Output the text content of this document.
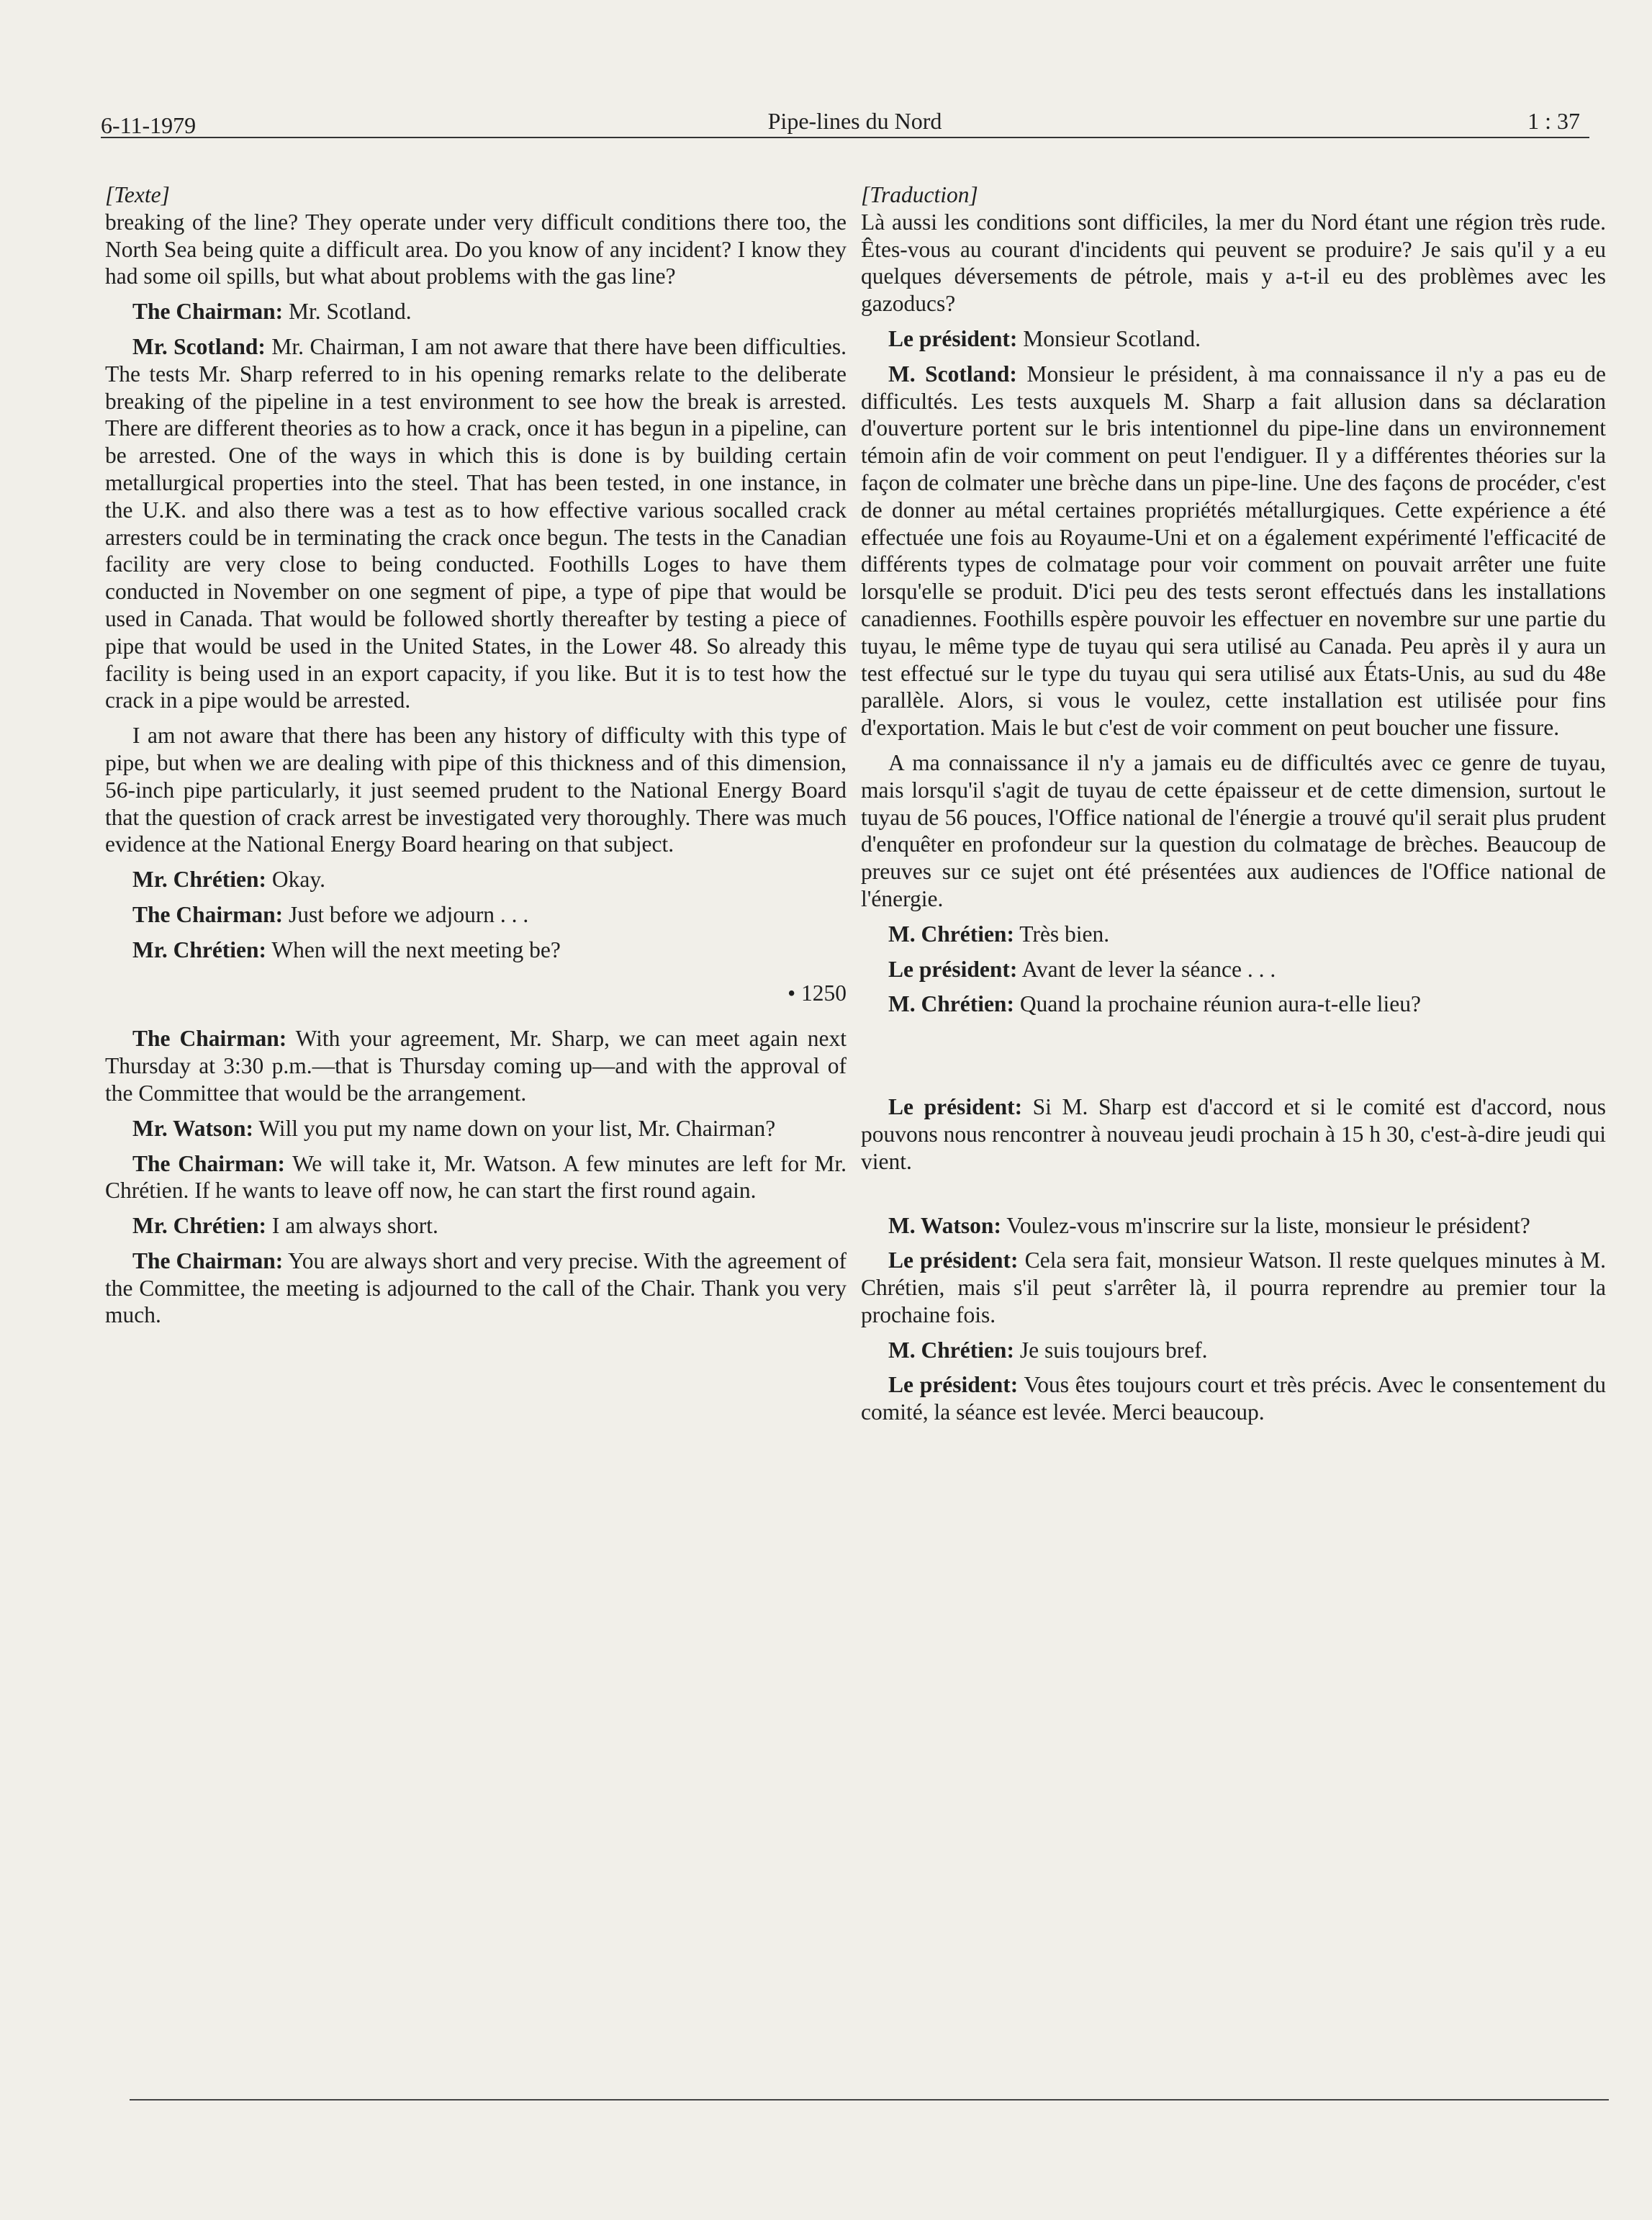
6-11-1979	Pipe-lines du Nord	1 : 37

[Texte]

breaking of the line? They operate under very difficult conditions there too, the North Sea being quite a difficult area. Do you know of any incident? I know they had some oil spills, but what about problems with the gas line?

The Chairman: Mr. Scotland.

Mr. Scotland: Mr. Chairman, I am not aware that there have been difficulties. The tests Mr. Sharp referred to in his opening remarks relate to the deliberate breaking of the pipeline in a test environment to see how the break is arrested. There are different theories as to how a crack, once it has begun in a pipeline, can be arrested. One of the ways in which this is done is by building certain metallurgical properties into the steel. That has been tested, in one instance, in the U.K. and also there was a test as to how effective various socalled crack arresters could be in terminating the crack once begun. The tests in the Canadian facility are very close to being conducted. Foothills Loges to have them conducted in November on one segment of pipe, a type of pipe that would be used in Canada. That would be followed shortly thereafter by testing a piece of pipe that would be used in the United States, in the Lower 48. So already this facility is being used in an export capacity, if you like. But it is to test how the crack in a pipe would be arrested.

I am not aware that there has been any history of difficulty with this type of pipe, but when we are dealing with pipe of this thickness and of this dimension, 56-inch pipe particularly, it just seemed prudent to the National Energy Board that the question of crack arrest be investigated very thoroughly. There was much evidence at the National Energy Board hearing on that subject.

Mr. Chrétien: Okay.

The Chairman: Just before we adjourn . . .

Mr. Chrétien: When will the next meeting be?

• 1250

The Chairman: With your agreement, Mr. Sharp, we can meet again next Thursday at 3:30 p.m.—that is Thursday coming up—and with the approval of the Committee that would be the arrangement.

Mr. Watson: Will you put my name down on your list, Mr. Chairman?

The Chairman: We will take it, Mr. Watson. A few minutes are left for Mr. Chrétien. If he wants to leave off now, he can start the first round again.

Mr. Chrétien: I am always short.

The Chairman: You are always short and very precise. With the agreement of the Committee, the meeting is adjourned to the call of the Chair. Thank you very much.

[Traduction]

Là aussi les conditions sont difficiles, la mer du Nord étant une région très rude. Êtes-vous au courant d'incidents qui peuvent se produire? Je sais qu'il y a eu quelques déversements de pétrole, mais y a-t-il eu des problèmes avec les gazoducs?

Le président: Monsieur Scotland.

M. Scotland: Monsieur le président, à ma connaissance il n'y a pas eu de difficultés. Les tests auxquels M. Sharp a fait allusion dans sa déclaration d'ouverture portent sur le bris intentionnel du pipe-line dans un environnement témoin afin de voir comment on peut l'endiguer. Il y a différentes théories sur la façon de colmater une brèche dans un pipe-line. Une des façons de procéder, c'est de donner au métal certaines propriétés métallurgiques. Cette expérience a été effectuée une fois au Royaume-Uni et on a également expérimenté l'efficacité de différents types de colmatage pour voir comment on pouvait arrêter une fuite lorsqu'elle se produit. D'ici peu des tests seront effectués dans les installations canadiennes. Foothills espère pouvoir les effectuer en novembre sur une partie du tuyau, le même type de tuyau qui sera utilisé au Canada. Peu après il y aura un test effectué sur le type du tuyau qui sera utilisé aux États-Unis, au sud du 48e parallèle. Alors, si vous le voulez, cette installation est utilisée pour fins d'exportation. Mais le but c'est de voir comment on peut boucher une fissure.

A ma connaissance il n'y a jamais eu de difficultés avec ce genre de tuyau, mais lorsqu'il s'agit de tuyau de cette épaisseur et de cette dimension, surtout le tuyau de 56 pouces, l'Office national de l'énergie a trouvé qu'il serait plus prudent d'enquêter en profondeur sur la question du colmatage de brèches. Beaucoup de preuves sur ce sujet ont été présentées aux audiences de l'Office national de l'énergie.

M. Chrétien: Très bien.

Le président: Avant de lever la séance . . .

M. Chrétien: Quand la prochaine réunion aura-t-elle lieu?

Le président: Si M. Sharp est d'accord et si le comité est d'accord, nous pouvons nous rencontrer à nouveau jeudi prochain à 15 h 30, c'est-à-dire jeudi qui vient.

M. Watson: Voulez-vous m'inscrire sur la liste, monsieur le président?

Le président: Cela sera fait, monsieur Watson. Il reste quelques minutes à M. Chrétien, mais s'il peut s'arrêter là, il pourra reprendre au premier tour la prochaine fois.

M. Chrétien: Je suis toujours bref.

Le président: Vous êtes toujours court et très précis. Avec le consentement du comité, la séance est levée. Merci beaucoup.
